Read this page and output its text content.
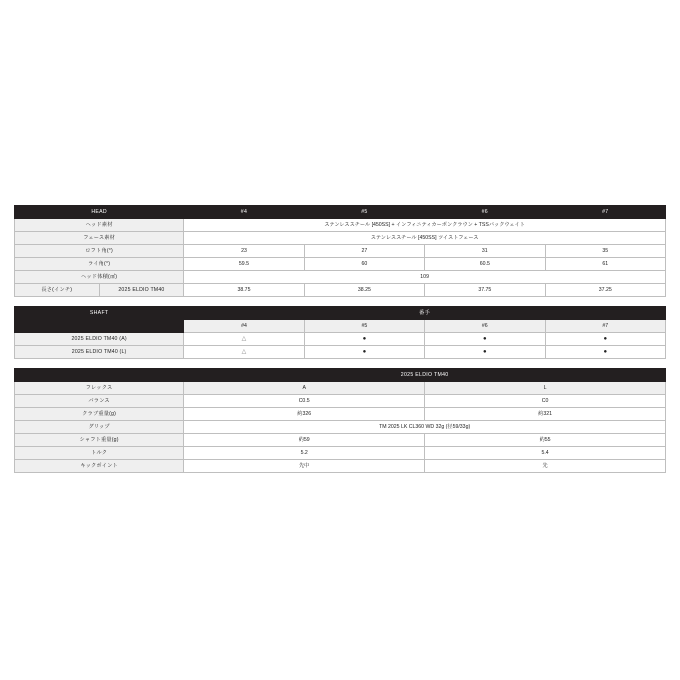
HEAD		#4	#5	#6	#7
ヘッド素材		ステンレススチール [450SS] + インフィニティカーボンクラウン + TSSバックウェイト			
フェース素材		ステンレススチール [450SS] ツイストフェース			
ロフト角(°)		23	27	31	35
ライ角(°)		59.5	60	60.5	61
ヘッド体積(㎤)		109			
長さ(インチ)	2025 ELDIO TM40	38.75	38.25	37.75	37.25
SHAFT	番手			
	#4	#5	#6	#7
2025 ELDIO TM40 (A)	△	●	●	●
2025 ELDIO TM40 (L)	△	●	●	●
	2025 ELDIO TM40	
フレックス	A	L
バランス	C0.5	C0
クラブ重量(g)	約326	約321
グリップ	TM 2025 LK CL360 WD 32g (径59/33g)	
シャフト重量(g)	約59	約55
トルク	5.2	5.4
キックポイント	先中	先
